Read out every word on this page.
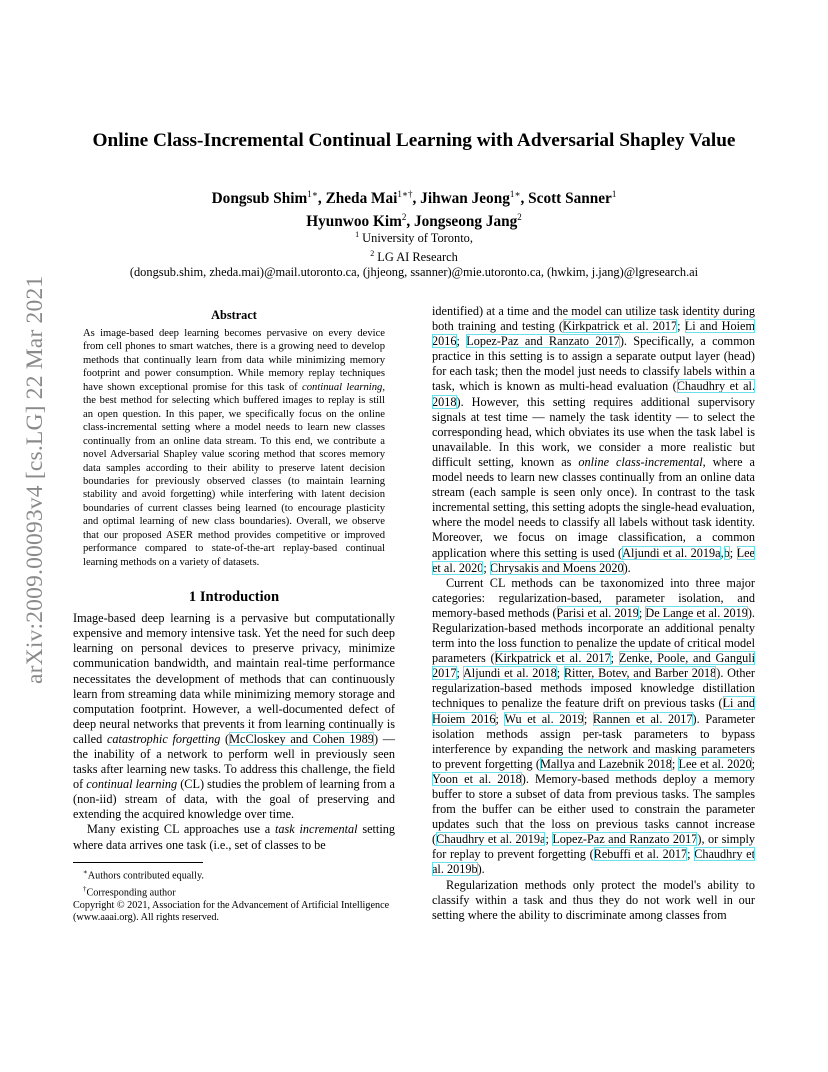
arXiv:2009.00093v4 [cs.LG] 22 Mar 2021
Online Class-Incremental Continual Learning with Adversarial Shapley Value
Dongsub Shim$^{1∗}$, Zheda Mai$^{1∗\dagger}$, Jihwan Jeong$^{1∗}$, Scott Sanner$^1$
Hyunwoo Kim$^2$, Jongseong Jang$^2$
$^1$ University of Toronto,
$^2$ LG AI Research
(dongsub.shim, zheda.mai)@mail.utoronto.ca, (jhjeong, ssanner)@mie.utoronto.ca, (hwkim, j.jang)@lgresearch.ai
Abstract

As image-based deep learning becomes pervasive on every device from cell phones to smart watches, there is a growing need to develop methods that continually learn from data while minimizing memory footprint and power consumption. While memory replay techniques have shown exceptional promise for this task of continual learning, the best method for selecting which buffered images to replay is still an open question. In this paper, we specifically focus on the online class-incremental setting where a model needs to learn new classes continually from an online data stream. To this end, we contribute a novel Adversarial Shapley value scoring method that scores memory data samples according to their ability to preserve latent decision boundaries for previously observed classes (to maintain learning stability and avoid forgetting) while interfering with latent decision boundaries of current classes being learned (to encourage plasticity and optimal learning of new class boundaries). Overall, we observe that our proposed ASER method provides competitive or improved performance compared to state-of-the-art replay-based continual learning methods on a variety of datasets.

1 Introduction

Image-based deep learning is a pervasive but computationally expensive and memory intensive task. Yet the need for such deep learning on personal devices to preserve privacy, minimize communication bandwidth, and maintain real-time performance necessitates the development of methods that can continuously learn from streaming data while minimizing memory storage and computation footprint. However, a well-documented defect of deep neural networks that prevents it from learning continually is called catastrophic forgetting (McCloskey and Cohen 1989) — the inability of a network to perform well in previously seen tasks after learning new tasks. To address this challenge, the field of continual learning (CL) studies the problem of learning from a (non-iid) stream of data, with the goal of preserving and extending the acquired knowledge over time.

Many existing CL approaches use a task incremental setting where data arrives one task (i.e., set of classes to be

∗Authors contributed equally.

†Corresponding author

Copyright © 2021, Association for the Advancement of Artificial Intelligence (www.aaai.org). All rights reserved.

identified) at a time and the model can utilize task identity during both training and testing (Kirkpatrick et al. 2017; Li and Hoiem 2016; Lopez-Paz and Ranzato 2017). Specifically, a common practice in this setting is to assign a separate output layer (head) for each task; then the model just needs to classify labels within a task, which is known as multi-head evaluation (Chaudhry et al. 2018). However, this setting requires additional supervisory signals at test time — namely the task identity — to select the corresponding head, which obviates its use when the task label is unavailable. In this work, we consider a more realistic but difficult setting, known as online class-incremental, where a model needs to learn new classes continually from an online data stream (each sample is seen only once). In contrast to the task incremental setting, this setting adopts the single-head evaluation, where the model needs to classify all labels without task identity. Moreover, we focus on image classification, a common application where this setting is used (Aljundi et al. 2019a,b; Lee et al. 2020; Chrysakis and Moens 2020).

Current CL methods can be taxonomized into three major categories: regularization-based, parameter isolation, and memory-based methods (Parisi et al. 2019; De Lange et al. 2019). Regularization-based methods incorporate an additional penalty term into the loss function to penalize the update of critical model parameters (Kirkpatrick et al. 2017; Zenke, Poole, and Ganguli 2017; Aljundi et al. 2018; Ritter, Botev, and Barber 2018). Other regularization-based methods imposed knowledge distillation techniques to penalize the feature drift on previous tasks (Li and Hoiem 2016; Wu et al. 2019; Rannen et al. 2017). Parameter isolation methods assign per-task parameters to bypass interference by expanding the network and masking parameters to prevent forgetting (Mallya and Lazebnik 2018; Lee et al. 2020; Yoon et al. 2018). Memory-based methods deploy a memory buffer to store a subset of data from previous tasks. The samples from the buffer can be either used to constrain the parameter updates such that the loss on previous tasks cannot increase (Chaudhry et al. 2019a; Lopez-Paz and Ranzato 2017), or simply for replay to prevent forgetting (Rebuffi et al. 2017; Chaudhry et al. 2019b).

Regularization methods only protect the model's ability to classify within a task and thus they do not work well in our setting where the ability to discriminate among classes from
